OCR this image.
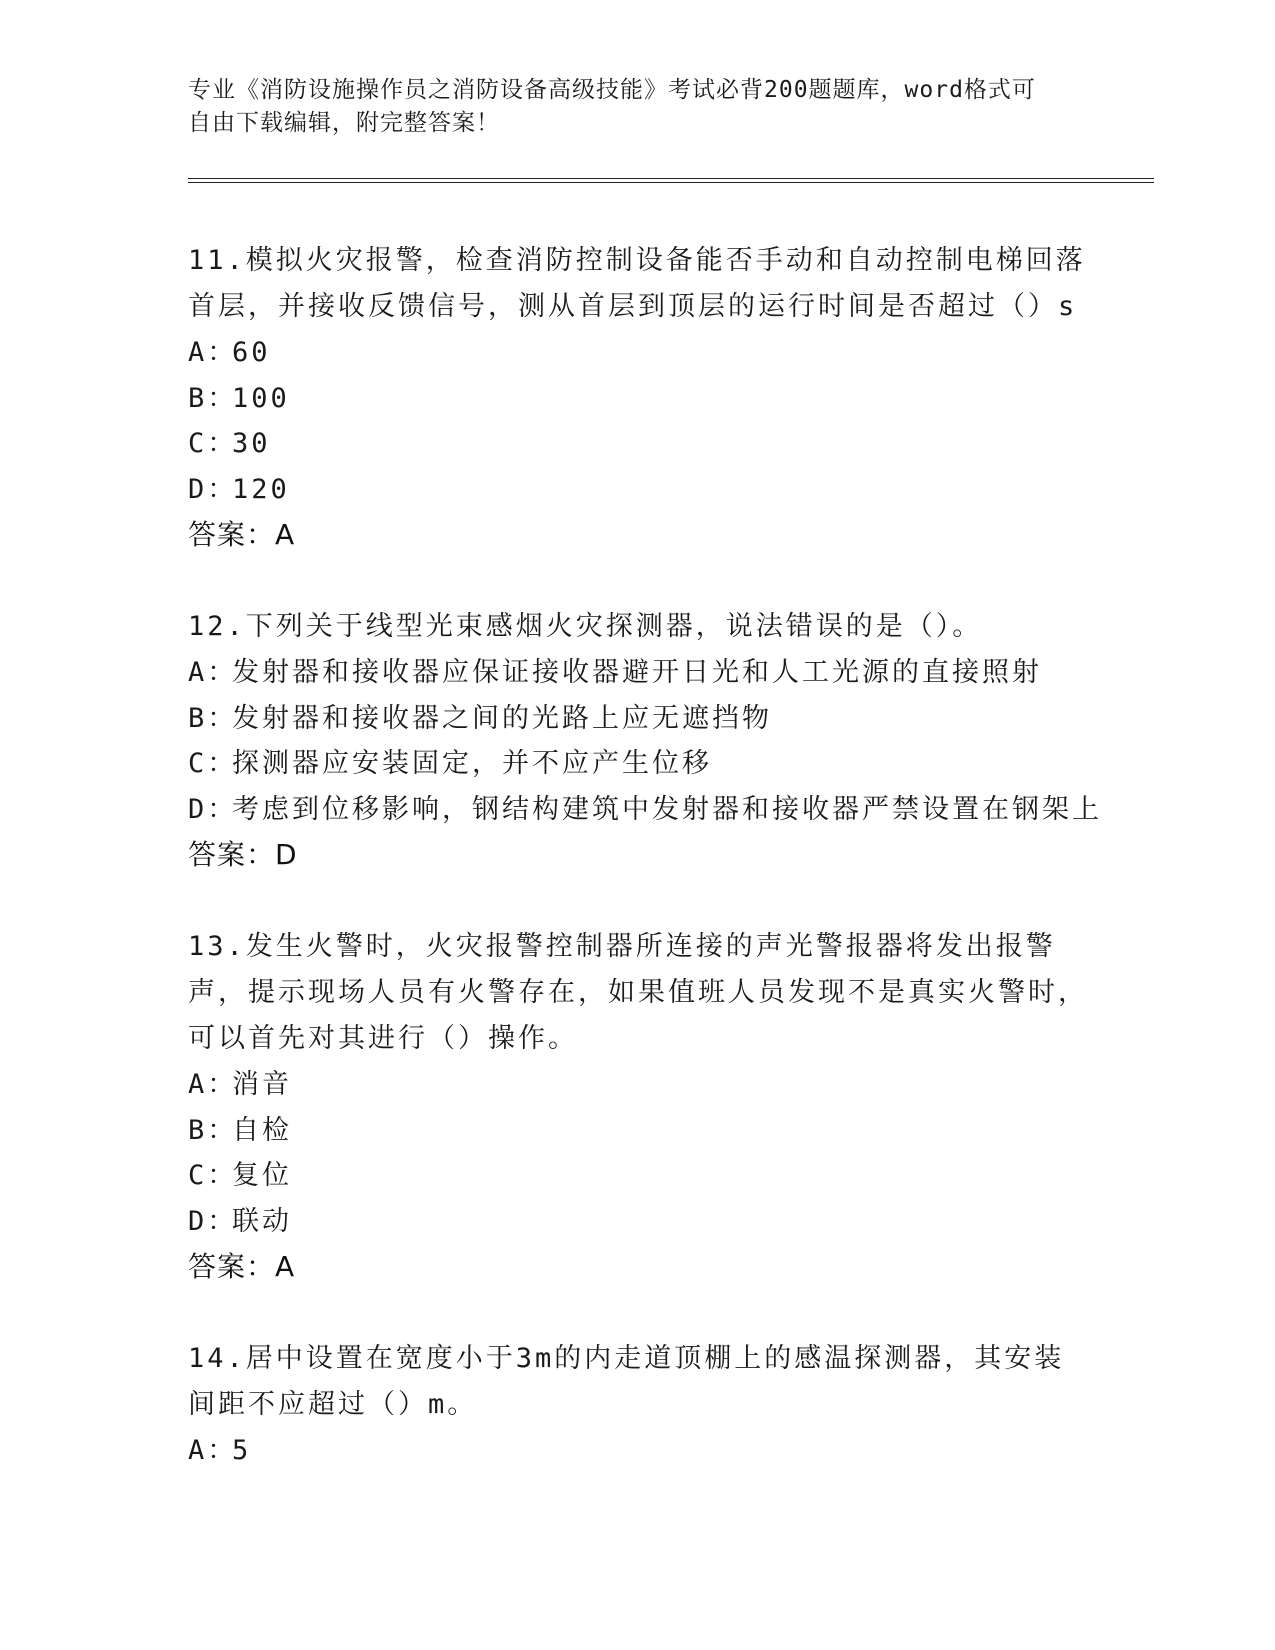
专业《消防设施操作员之消防设备高级技能》考试必背200题题库，word格式可
自由下载编辑，附完整答案！

11.模拟火灾报警，检查消防控制设备能否手动和自动控制电梯回落首层，并接收反馈信号，测从首层到顶层的运行时间是否超过（）s

A：60

B：100

C：30

D：120

答案：A

12.下列关于线型光束感烟火灾探测器，说法错误的是（）。

A：发射器和接收器应保证接收器避开日光和人工光源的直接照射

B：发射器和接收器之间的光路上应无遮挡物

C：探测器应安装固定，并不应产生位移

D：考虑到位移影响，钢结构建筑中发射器和接收器严禁设置在钢架上

答案：D

13.发生火警时，火灾报警控制器所连接的声光警报器将发出报警声，提示现场人员有火警存在，如果值班人员发现不是真实火警时，可以首先对其进行（）操作。

A：消音

B：自检

C：复位

D：联动

答案：A

14.居中设置在宽度小于3m的内走道顶棚上的感温探测器，其安装间距不应超过（）m。

A：5
